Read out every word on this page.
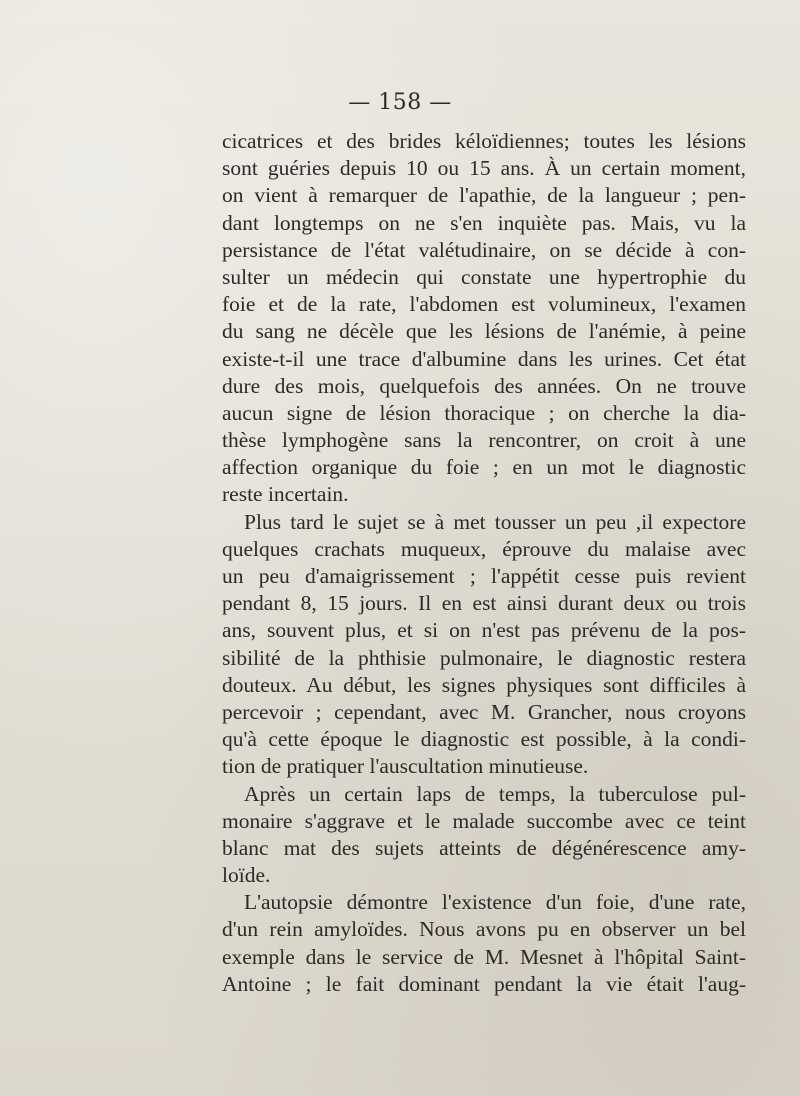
— 158 —
cicatrices et des brides kéloïdiennes; toutes les lésions
sont guéries depuis 10 ou 15 ans. À un certain moment,
on vient à remarquer de l'apathie, de la langueur ; pen-
dant longtemps on ne s'en inquiète pas. Mais, vu la
persistance de l'état valétudinaire, on se décide à con-
sulter un médecin qui constate une hypertrophie du
foie et de la rate, l'abdomen est volumineux, l'examen
du sang ne décèle que les lésions de l'anémie, à peine
existe-t-il une trace d'albumine dans les urines. Cet état
dure des mois, quelquefois des années. On ne trouve
aucun signe de lésion thoracique ; on cherche la dia-
thèse lymphogène sans la rencontrer, on croit à une
affection organique du foie ; en un mot le diagnostic
reste incertain.
Plus tard le sujet se à met tousser un peu ,il expectore
quelques crachats muqueux, éprouve du malaise avec
un peu d'amaigrissement ; l'appétit cesse puis revient
pendant 8, 15 jours. Il en est ainsi durant deux ou trois
ans, souvent plus, et si on n'est pas prévenu de la pos-
sibilité de la phthisie pulmonaire, le diagnostic restera
douteux. Au début, les signes physiques sont difficiles à
percevoir ; cependant, avec M. Grancher, nous croyons
qu'à cette époque le diagnostic est possible, à la condi-
tion de pratiquer l'auscultation minutieuse.
Après un certain laps de temps, la tuberculose pul-
monaire s'aggrave et le malade succombe avec ce teint
blanc mat des sujets atteints de dégénérescence amy-
loïde.
L'autopsie démontre l'existence d'un foie, d'une rate,
d'un rein amyloïdes. Nous avons pu en observer un bel
exemple dans le service de M. Mesnet à l'hôpital Saint-
Antoine ; le fait dominant pendant la vie était l'aug-
